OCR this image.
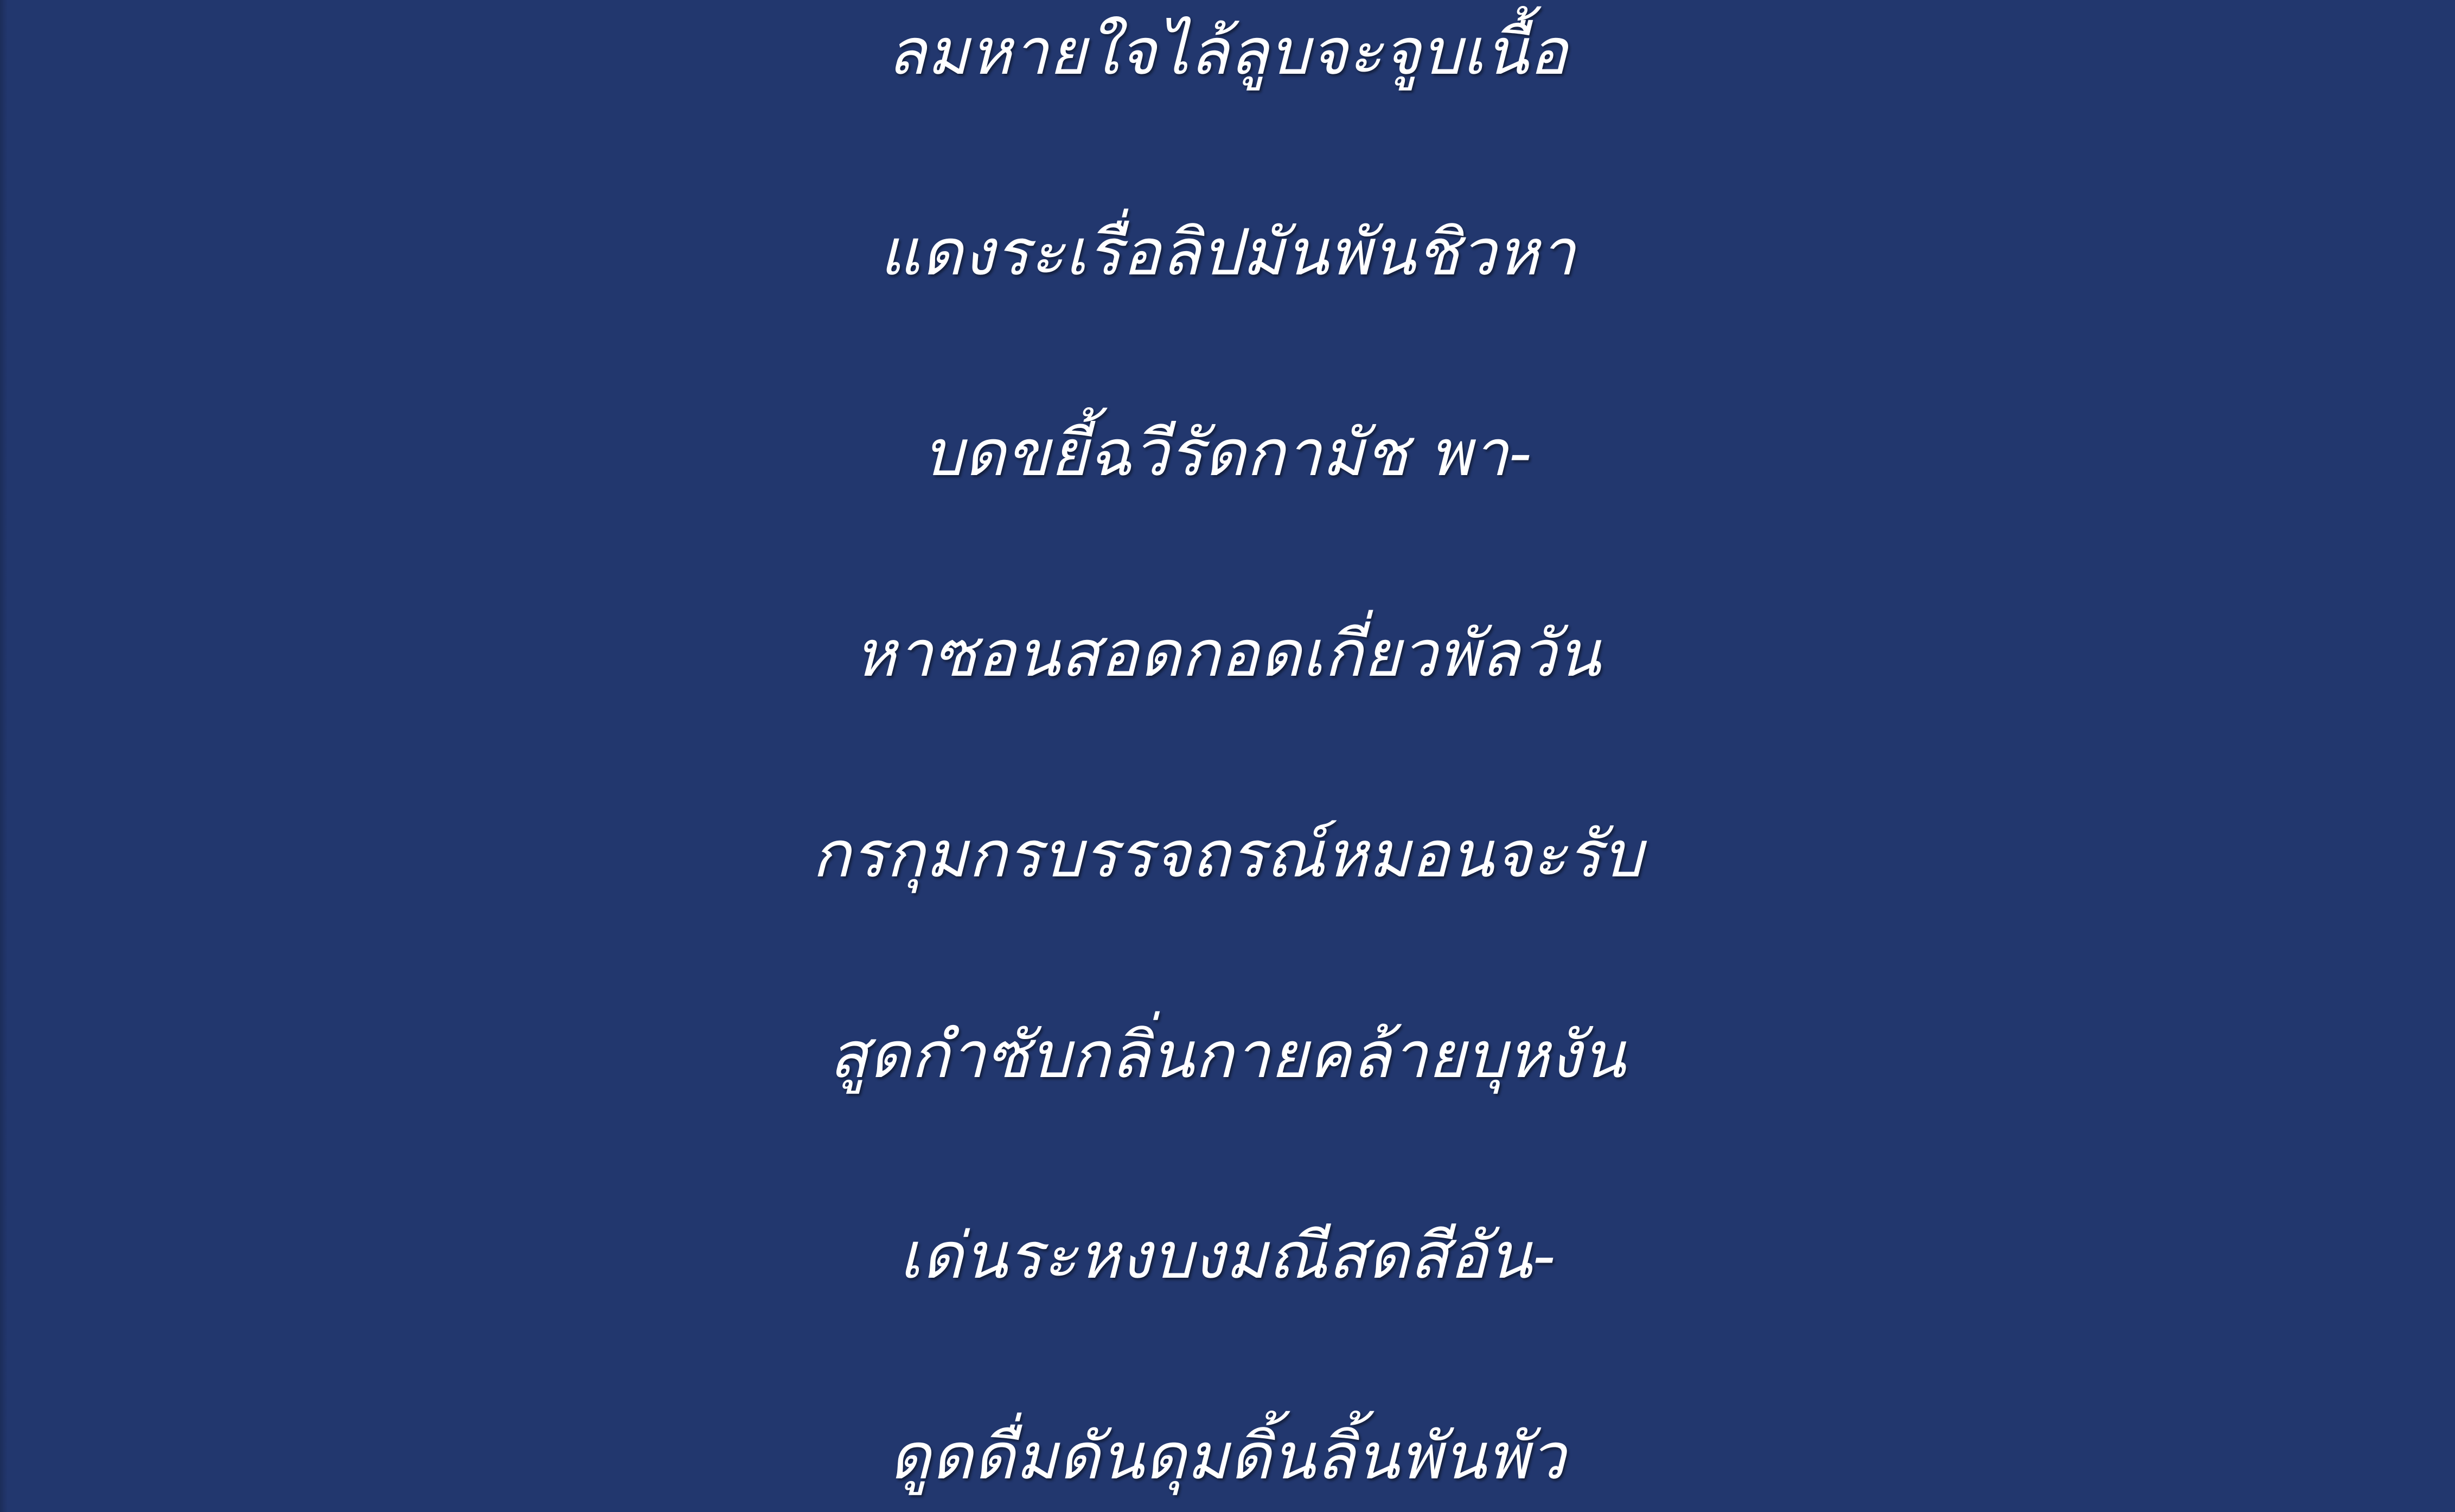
ลมหายใจไล้ลูบจะจูบเนื้อ
แดงระเรื่อลิปมันพันชิวหา
บดขยี้ฉวีรัดกามัช พา-
หาซอนสอดกอดเกี่ยวพัลวัน
กรกุมกรบรรจถรณ์หมอนจะรับ
สูดกำซับกลิ่นกายคล้ายบุหงัน
เด่นระหงบงมณีสดสีอัน-
ดูดดื่มดันดุมดิ้นลิ้นพันพัว
